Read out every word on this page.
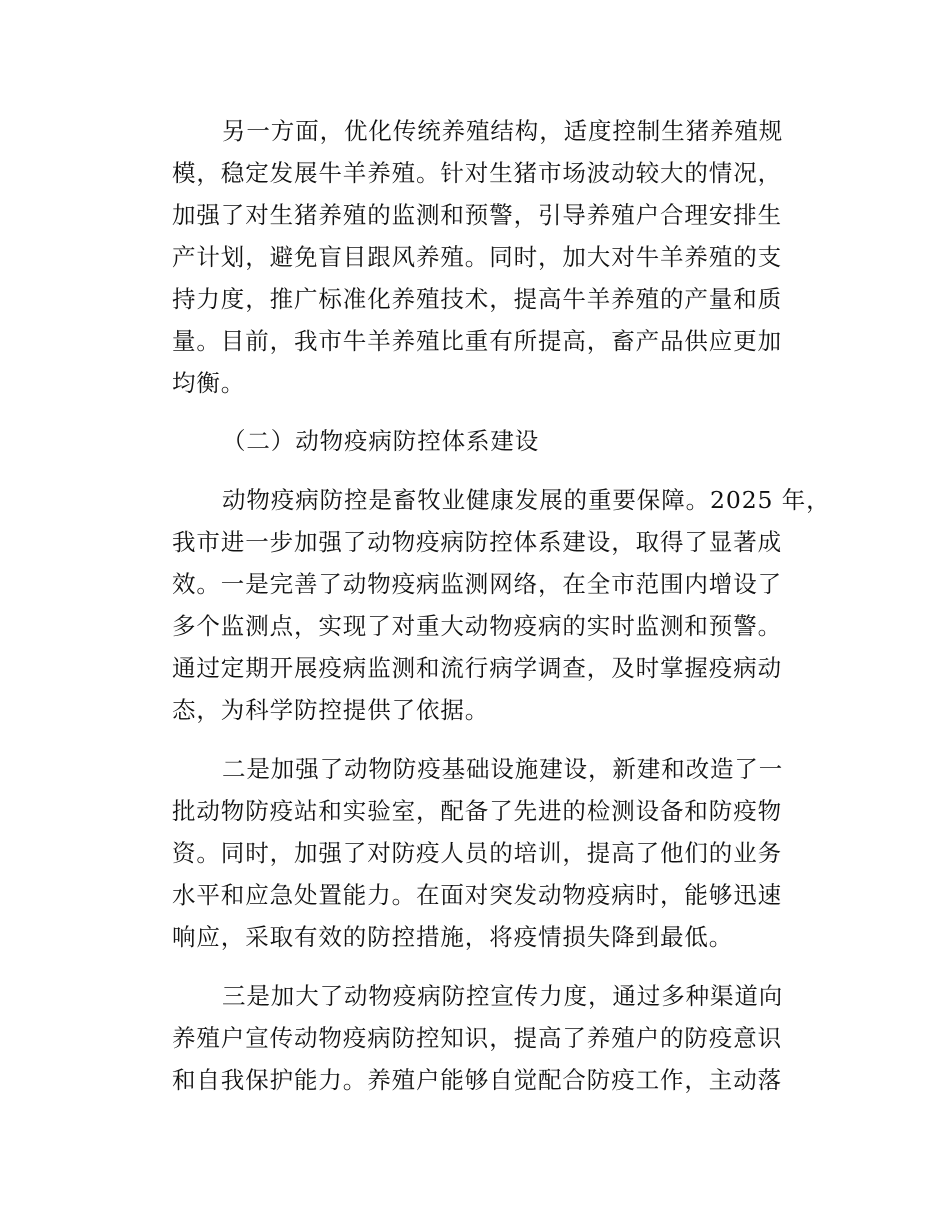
另一方面，优化传统养殖结构，适度控制生猪养殖规
模，稳定发展牛羊养殖。针对生猪市场波动较大的情况，
加强了对生猪养殖的监测和预警，引导养殖户合理安排生
产计划，避免盲目跟风养殖。同时，加大对牛羊养殖的支
持力度，推广标准化养殖技术，提高牛羊养殖的产量和质
量。目前，我市牛羊养殖比重有所提高，畜产品供应更加
均衡。
（二）动物疫病防控体系建设
动物疫病防控是畜牧业健康发展的重要保障。2025 年，
我市进一步加强了动物疫病防控体系建设，取得了显著成
效。一是完善了动物疫病监测网络，在全市范围内增设了
多个监测点，实现了对重大动物疫病的实时监测和预警。
通过定期开展疫病监测和流行病学调查，及时掌握疫病动
态，为科学防控提供了依据。
二是加强了动物防疫基础设施建设，新建和改造了一
批动物防疫站和实验室，配备了先进的检测设备和防疫物
资。同时，加强了对防疫人员的培训，提高了他们的业务
水平和应急处置能力。在面对突发动物疫病时，能够迅速
响应，采取有效的防控措施，将疫情损失降到最低。
三是加大了动物疫病防控宣传力度，通过多种渠道向
养殖户宣传动物疫病防控知识，提高了养殖户的防疫意识
和自我保护能力。养殖户能够自觉配合防疫工作，主动落
